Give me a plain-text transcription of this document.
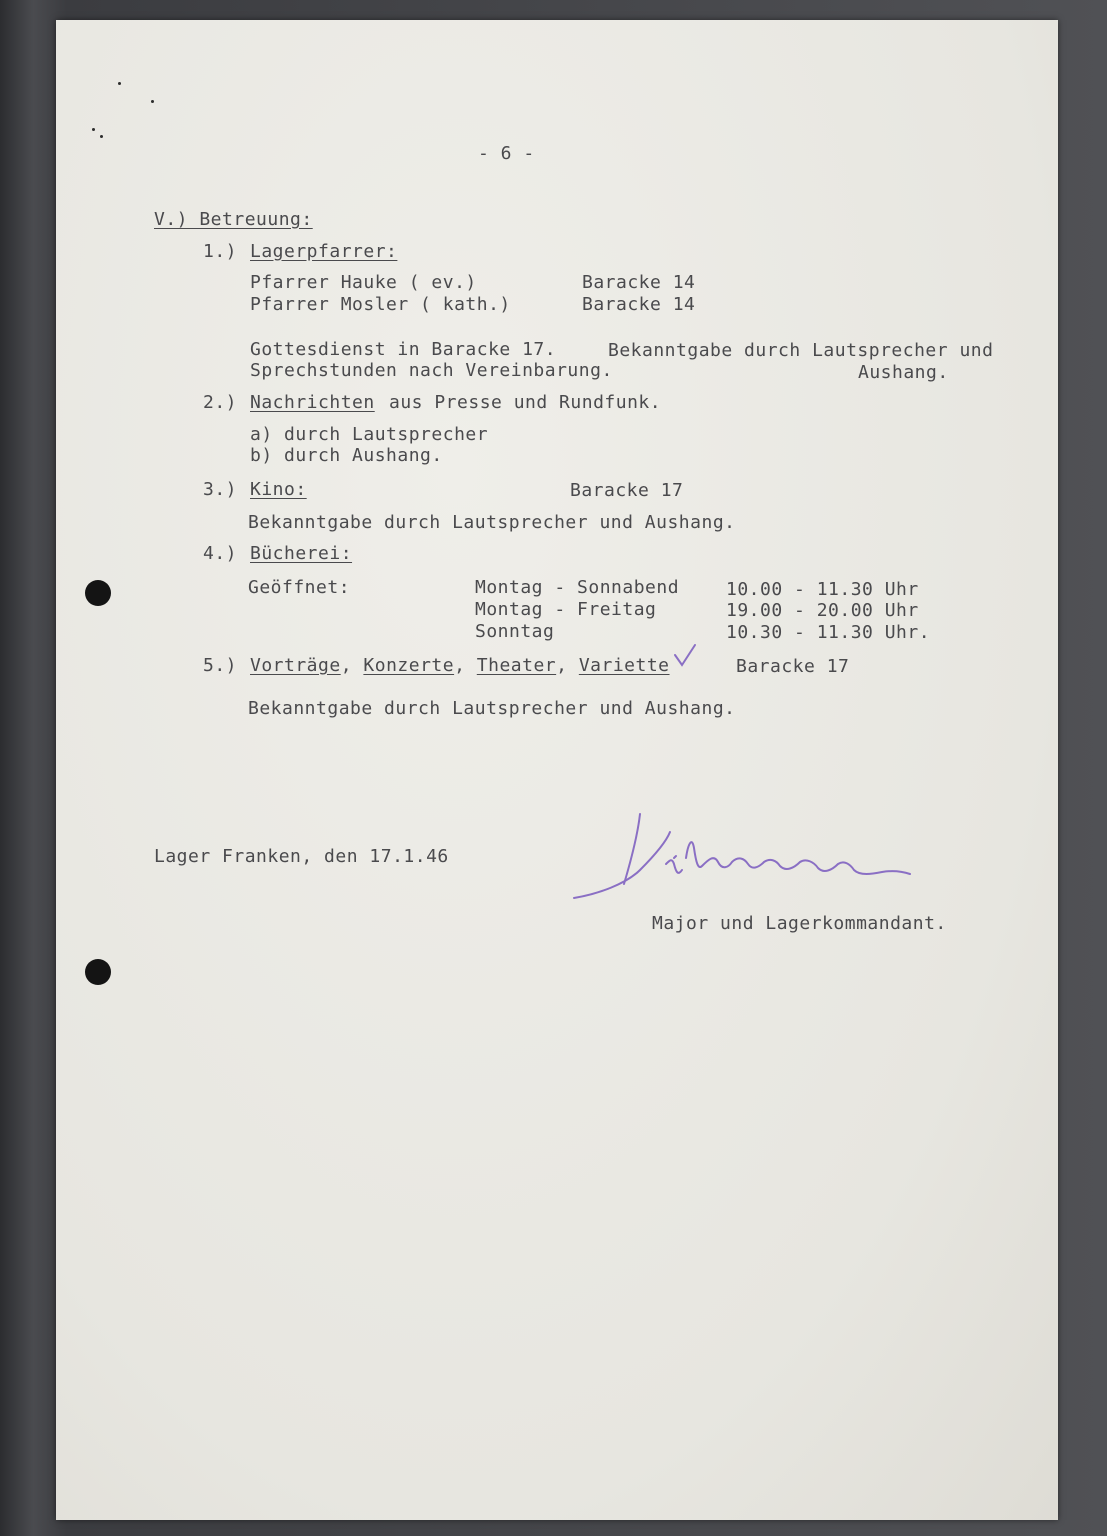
- 6 -
V.) Betreuung:
1.) Lagerpfarrer:
Pfarrer Hauke ( ev.)	Baracke 14
Pfarrer Mosler ( kath.)	Baracke 14
Gottesdienst in Baracke 17.	Bekanntgabe durch Lautsprecher und
Sprechstunden nach Vereinbarung.	Aushang.
2.) Nachrichten aus Presse und Rundfunk.
a) durch Lautsprecher
b) durch Aushang.
3.) Kino:	Baracke 17
Bekanntgabe durch Lautsprecher und Aushang.
4.) Bücherei:
Geöffnet:	Montag - Sonnabend	10.00 - 11.30 Uhr
Montag - Freitag	19.00 - 20.00 Uhr
Sonntag	10.30 - 11.30 Uhr.
5.) Vorträge, Konzerte, Theater, Variette	Baracke 17
Bekanntgabe durch Lautsprecher und Aushang.
Lager Franken, den 17.1.46
Major und Lagerkommandant.
